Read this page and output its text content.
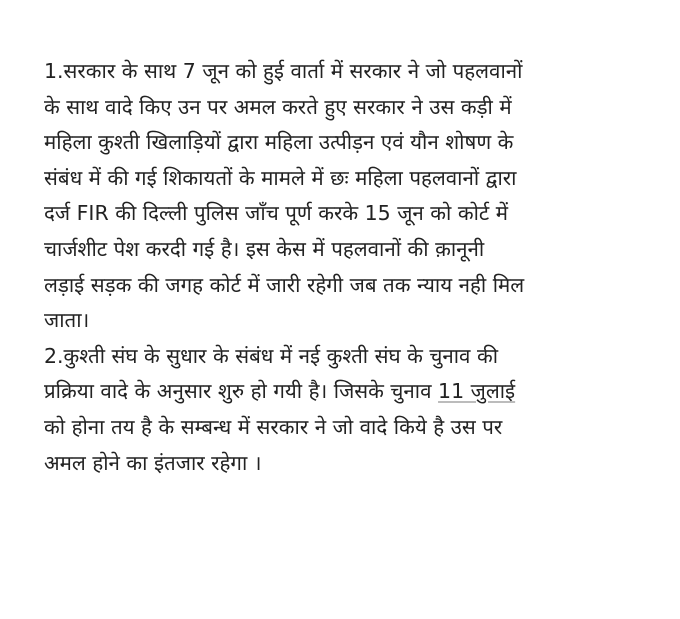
1.सरकार के साथ 7 जून को हुई वार्ता में सरकार ने जो पहलवानों
के साथ वादे किए उन पर अमल करते हुए सरकार ने उस कड़ी में
महिला कुश्ती खिलाड़ियों द्वारा महिला उत्पीड़न एवं यौन शोषण के
संबंध में की गई शिकायतों के मामले में छः महिला पहलवानों द्वारा
दर्ज FIR की दिल्ली पुलिस जाँच पूर्ण करके 15 जून को कोर्ट में
चार्जशीट पेश करदी गई है। इस केस में पहलवानों की क़ानूनी
लड़ाई सड़क की जगह कोर्ट में जारी रहेगी जब तक न्याय नही मिल
जाता।
2.कुश्ती संघ के सुधार के संबंध में नई कुश्ती संघ के चुनाव की
प्रक्रिया वादे के अनुसार शुरु हो गयी है। जिसके चुनाव 11 जुलाई
को होना तय है के सम्बन्ध में सरकार ने जो वादे किये है उस पर
अमल होने का इंतजार रहेगा ।
